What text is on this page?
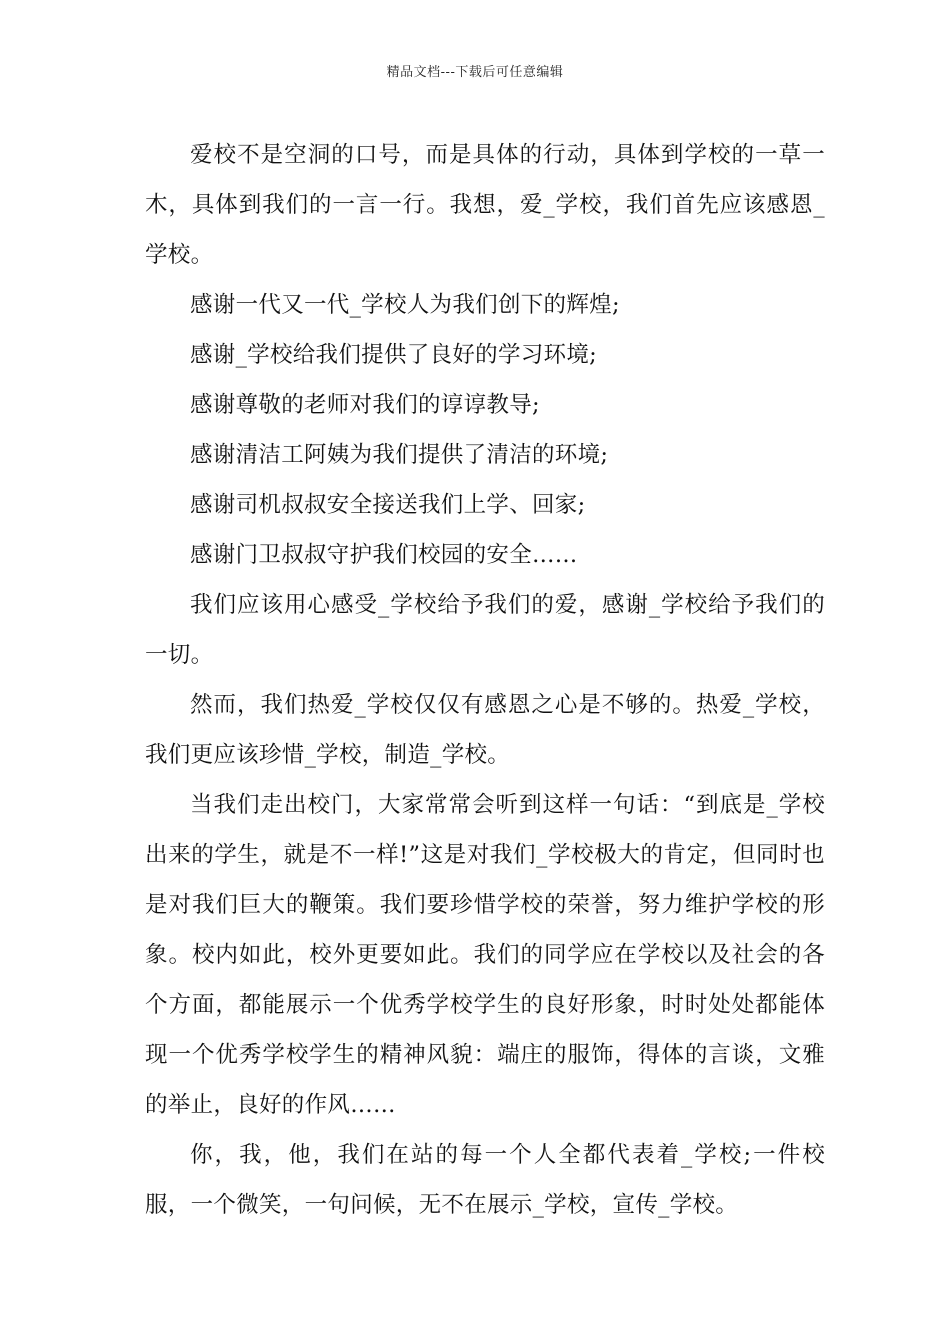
精品文档---下载后可任意编辑

爱校不是空洞的口号，而是具体的行动，具体到学校的一草一木，具体到我们的一言一行。我想，爱_学校，我们首先应该感恩_学校。

感谢一代又一代_学校人为我们创下的辉煌;

感谢_学校给我们提供了良好的学习环境;

感谢尊敬的老师对我们的谆谆教导;

感谢清洁工阿姨为我们提供了清洁的环境;

感谢司机叔叔安全接送我们上学、回家;

感谢门卫叔叔守护我们校园的安全……

我们应该用心感受_学校给予我们的爱，感谢_学校给予我们的一切。

然而，我们热爱_学校仅仅有感恩之心是不够的。热爱_学校，我们更应该珍惜_学校，制造_学校。

当我们走出校门，大家常常会听到这样一句话：“到底是_学校出来的学生，就是不一样!”这是对我们_学校极大的肯定，但同时也是对我们巨大的鞭策。我们要珍惜学校的荣誉，努力维护学校的形象。校内如此，校外更要如此。我们的同学应在学校以及社会的各个方面，都能展示一个优秀学校学生的良好形象，时时处处都能体现一个优秀学校学生的精神风貌：端庄的服饰，得体的言谈，文雅的举止，良好的作风……

你，我，他，我们在站的每一个人全都代表着_学校;一件校服，一个微笑，一句问候，无不在展示_学校，宣传_学校。
